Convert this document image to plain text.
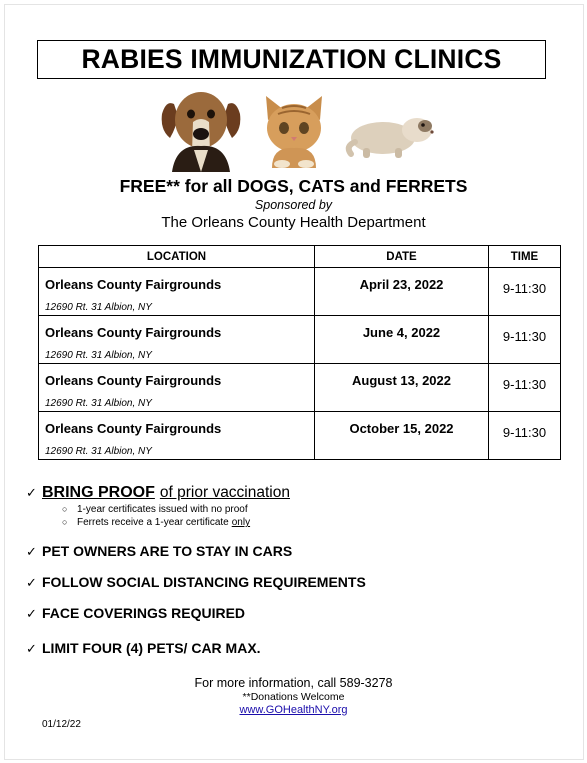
RABIES IMMUNIZATION CLINICS
FREE** for all DOGS, CATS and FERRETS
Sponsored by
The Orleans County Health Department
LOCATION	DATE	TIME

Orleans County Fairgrounds
12690 Rt. 31 Albion, NY	April 23, 2022	9-11:30

Orleans County Fairgrounds
12690 Rt. 31 Albion, NY	June 4, 2022	9-11:30

Orleans County Fairgrounds
12690 Rt. 31 Albion, NY	August 13, 2022	9-11:30

Orleans County Fairgrounds
12690 Rt. 31 Albion, NY	October 15, 2022	9-11:30
✓ BRING PROOF of prior vaccination
○ 1-year certificates issued with no proof
○ Ferrets receive a 1-year certificate only
✓ PET OWNERS ARE TO STAY IN CARS
✓ FOLLOW SOCIAL DISTANCING REQUIREMENTS
✓ FACE COVERINGS REQUIRED
✓ LIMIT FOUR (4) PETS/ CAR MAX.
For more information, call 589-3278
**Donations Welcome
www.GOHealthNY.org
01/12/22
